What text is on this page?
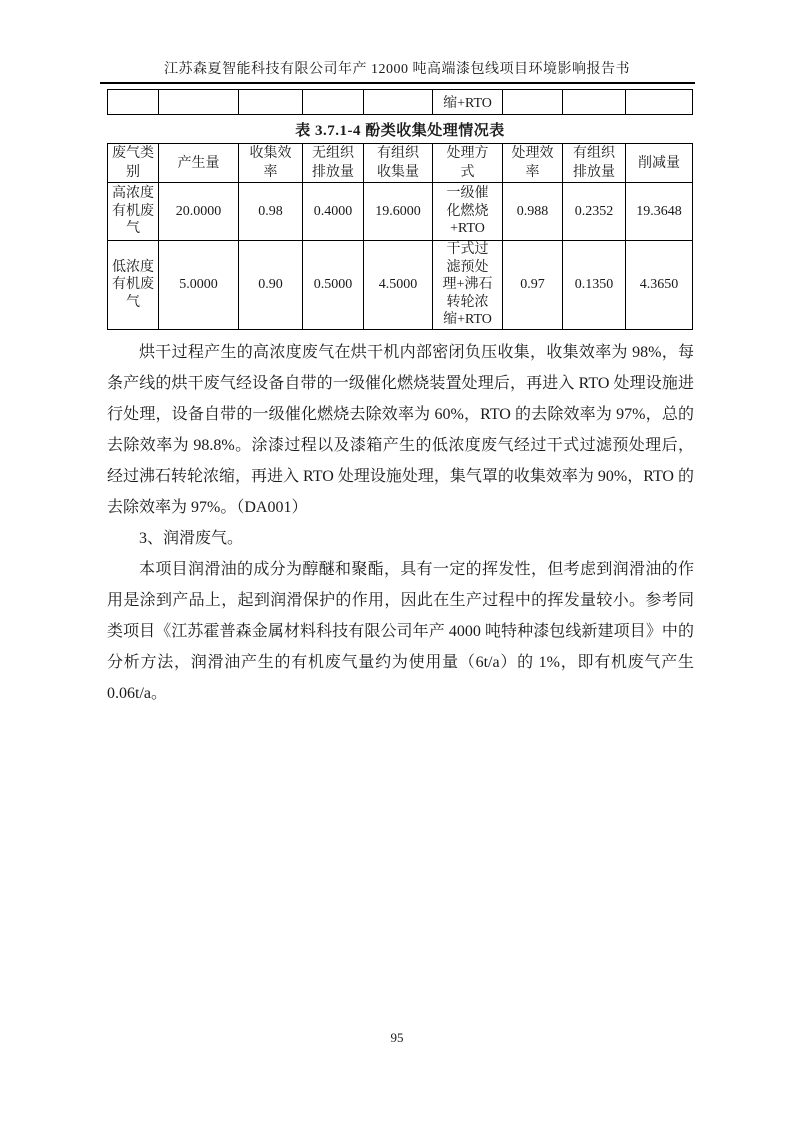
江苏森夏智能科技有限公司年产 12000 吨高端漆包线项目环境影响报告书
					缩+RTO			
表 3.7.1-4 酚类收集处理情况表
废气类别	产生量	收集效率	无组织排放量	有组织收集量	处理方式	处理效率	有组织排放量	削减量
高浓度有机废气	20.0000	0.98	0.4000	19.6000	一级催化燃烧+RTO	0.988	0.2352	19.3648
低浓度有机废气	5.0000	0.90	0.5000	4.5000	干式过滤预处理+沸石转轮浓缩+RTO	0.97	0.1350	4.3650

烘干过程产生的高浓度废气在烘干机内部密闭负压收集，收集效率为 98%，每条产线的烘干废气经设备自带的一级催化燃烧装置处理后，再进入 RTO 处理设施进行处理，设备自带的一级催化燃烧去除效率为 60%，RTO 的去除效率为 97%，总的去除效率为 98.8%。涂漆过程以及漆箱产生的低浓度废气经过干式过滤预处理后，经过沸石转轮浓缩，再进入 RTO 处理设施处理，集气罩的收集效率为 90%，RTO 的去除效率为 97%。（DA001）

3、润滑废气。

本项目润滑油的成分为醇醚和聚酯，具有一定的挥发性，但考虑到润滑油的作用是涂到产品上，起到润滑保护的作用，因此在生产过程中的挥发量较小。参考同类项目《江苏霍普森金属材料科技有限公司年产 4000 吨特种漆包线新建项目》中的分析方法，润滑油产生的有机废气量约为使用量（6t/a）的 1%，即有机废气产生0.06t/a。

95
